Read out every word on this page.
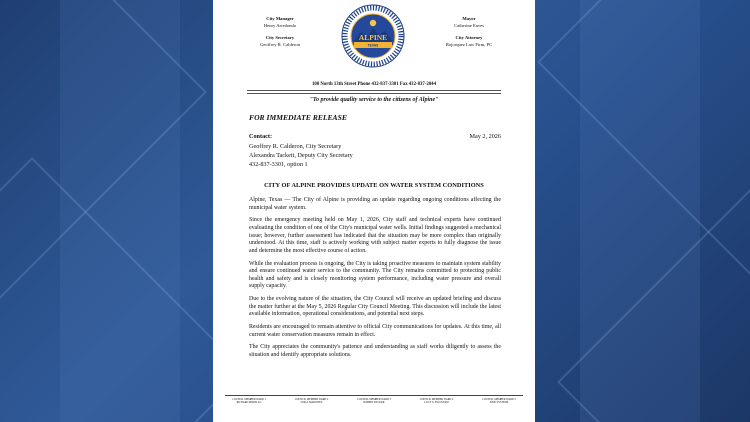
City Manager
Henry Arredondo
City Secretary
Geoffrey R. Calderon
Mayor
Catherine Eaves
City Attorney
Bojorquez Law Firm, PC
ALPINE
TEXAS
100 North 13th Street Phone 432-837-3301 Fax 432-837-2044
"To provide quality service to the citizens of Alpine"
FOR IMMEDIATE RELEASE
Contact:	May 2, 2026
Geoffrey R. Calderon, City Secretary
Alexandra Tackett, Deputy City Secretary
432-837-3301, option 1
CITY OF ALPINE PROVIDES UPDATE ON WATER SYSTEM CONDITIONS

Alpine, Texas — The City of Alpine is providing an update regarding ongoing conditions affecting the municipal water system.

Since the emergency meeting held on May 1, 2026, City staff and technical experts have continued evaluating the condition of one of the City's municipal water wells. Initial findings suggested a mechanical issue; however, further assessment has indicated that the situation may be more complex than originally understood. At this time, staff is actively working with subject matter experts to fully diagnose the issue and determine the most effective course of action.

While the evaluation process is ongoing, the City is taking proactive measures to maintain system stability and ensure continued water service to the community. The City remains committed to protecting public health and safety and is closely monitoring system performance, including water pressure and overall supply capacity.

Due to the evolving nature of the situation, the City Council will receive an updated briefing and discuss the matter further at the May 5, 2026 Regular City Council Meeting. This discussion will include the latest available information, operational considerations, and potential next steps.

Residents are encouraged to remain attentive to official City communications for updates. At this time, all current water conservation measures remain in effect.

The City appreciates the community's patience and understanding as staff works diligently to assess the situation and identify appropriate solutions.

COUNCIL MEMBER WARD 1
RICHARD PORTILLO
COUNCIL MEMBER WARD 2
LYALL MARTINEZ
COUNCIL MEMBER WARD 3
ROBERT RYCKER
COUNCIL MEMBER WARD 4
LUCY S. ESCOVEDO
COUNCIL MEMBER WARD 5
JUDE SYSTEMS
